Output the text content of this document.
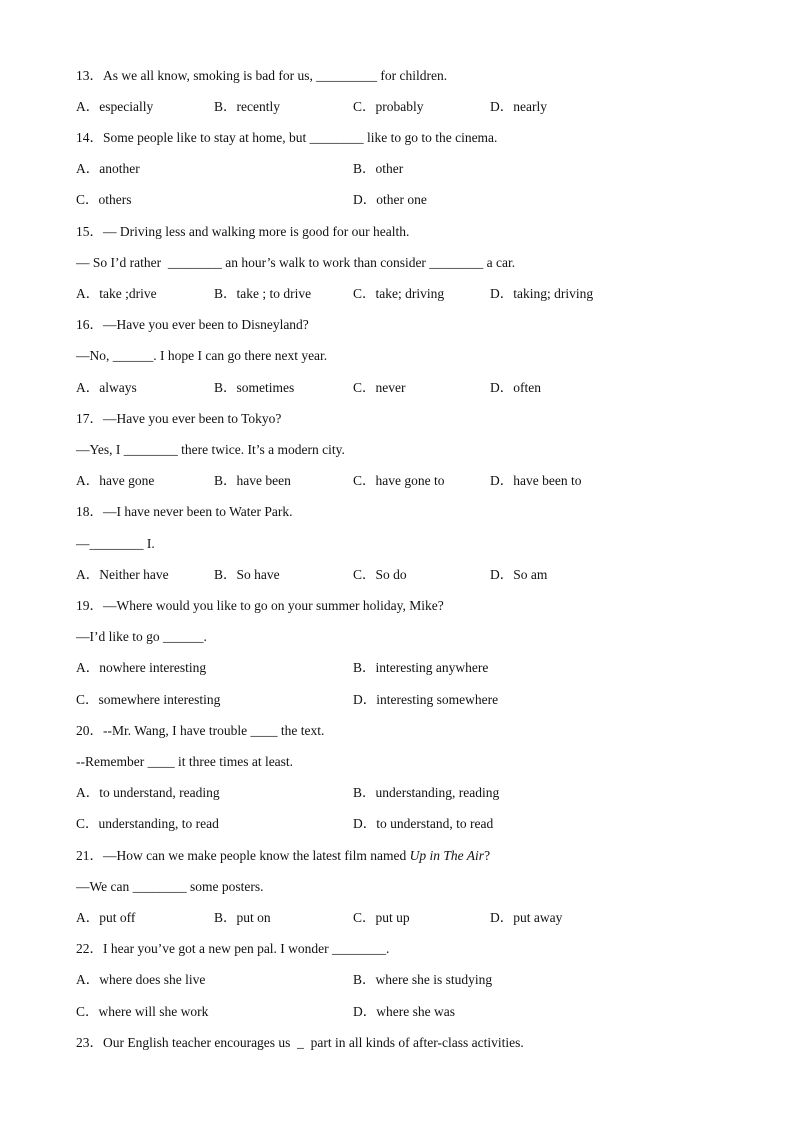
13．As we all know, smoking is bad for us, _________ for children.
A．especially	B．recently	C．probably	D．nearly
14．Some people like to stay at home, but ________ like to go to the cinema.
A．another	B．other
C．others	D．other one
15．— Driving less and walking more is good for our health.
— So I’d rather  ________ an hour’s walk to work than consider ________ a car.
A．take ;drive	B．take ; to drive	C．take; driving	D．taking; driving
16．—Have you ever been to Disneyland?
—No, ______. I hope I can go there next year.
A．always	B．sometimes	C．never	D．often
17．—Have you ever been to Tokyo?
—Yes, I ________ there twice. It’s a modern city.
A．have gone	B．have been	C．have gone to	D．have been to
18．—I have never been to Water Park.
—________ I.
A．Neither have	B．So have	C．So do	D．So am
19．—Where would you like to go on your summer holiday, Mike?
—I’d like to go ______.
A．nowhere interesting	B．interesting anywhere
C．somewhere interesting	D．interesting somewhere
20．--Mr. Wang, I have trouble ____ the text.
--Remember ____ it three times at least.
A．to understand, reading	B．understanding, reading
C．understanding, to read	D．to understand, to read
21．—How can we make people know the latest film named Up in The Air?
—We can ________ some posters.
A．put off	B．put on	C．put up	D．put away
22．I hear you’ve got a new pen pal. I wonder ________.
A．where does she live	B．where she is studying
C．where will she work	D．where she was
23．Our English teacher encourages us  _  part in all kinds of after-class activities.
